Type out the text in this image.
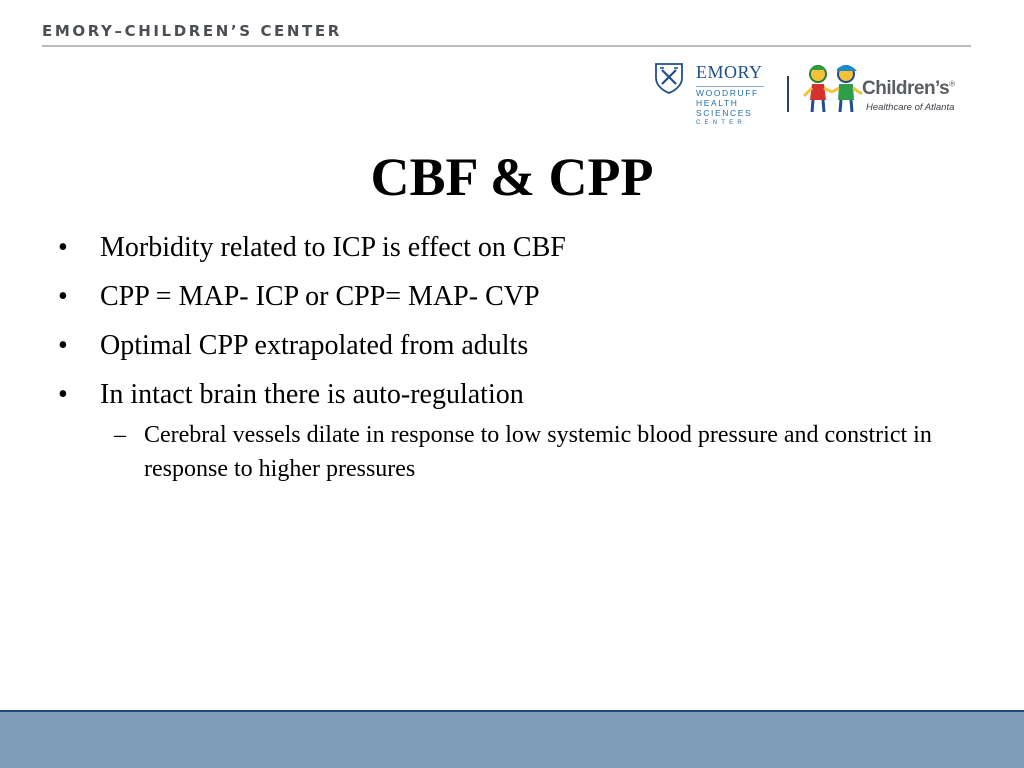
EMORY–CHILDREN’S CENTER
EMORY
WOODRUFF
HEALTH
SCIENCES
CENTER
Children’s®
Healthcare of Atlanta
CBF & CPP
• Morbidity related to ICP is effect on CBF
• CPP = MAP- ICP or CPP= MAP- CVP
• Optimal CPP extrapolated from adults
• In intact brain there is auto-regulation
– Cerebral vessels dilate in response to low systemic blood pressure and constrict in response to higher pressures
